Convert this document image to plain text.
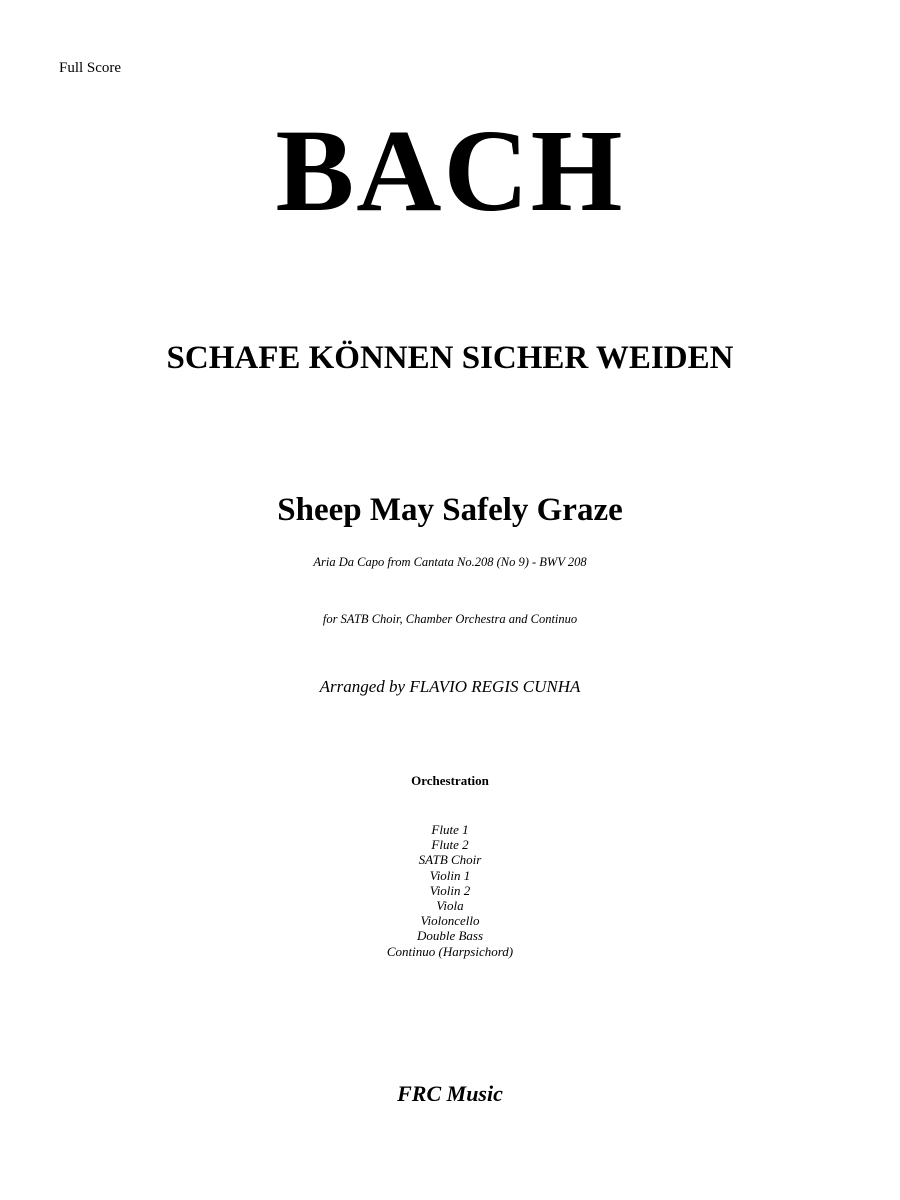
Full Score
BACH
SCHAFE KÖNNEN SICHER WEIDEN
Sheep May Safely Graze
Aria Da Capo from Cantata No.208 (No 9) - BWV 208
for SATB Choir, Chamber Orchestra and Continuo
Arranged by FLAVIO REGIS CUNHA
Orchestration
Flute 1
Flute 2
SATB Choir
Violin 1
Violin 2
Viola
Violoncello
Double Bass
Continuo (Harpsichord)
FRC Music
